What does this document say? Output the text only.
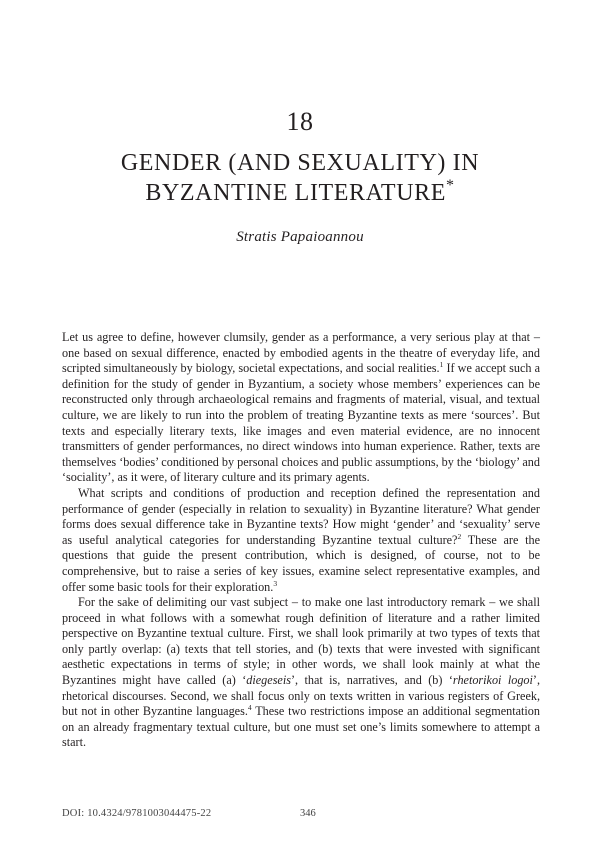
18
GENDER (AND SEXUALITY) IN
BYZANTINE LITERATURE*
Stratis Papaioannou

Let us agree to define, however clumsily, gender as a performance, a very serious play at that – one based on sexual difference, enacted by embodied agents in the theatre of everyday life, and scripted simultaneously by biology, societal expectations, and social realities.$^1$ If we accept such a definition for the study of gender in Byzantium, a society whose members’ experiences can be reconstructed only through archaeological remains and fragments of material, visual, and textual culture, we are likely to run into the problem of treating Byzantine texts as mere ‘sources’. But texts and especially literary texts, like images and even material evidence, are no innocent transmitters of gender performances, no direct windows into human experience. Rather, texts are themselves ‘bodies’ conditioned by personal choices and public assumptions, by the ‘biology’ and ‘sociality’, as it were, of literary culture and its primary agents.

What scripts and conditions of production and reception defined the representation and performance of gender (especially in relation to sexuality) in Byzantine literature? What gender forms does sexual difference take in Byzantine texts? How might ‘gender’ and ‘sexuality’ serve as useful analytical categories for understanding Byzantine textual culture?$^2$ These are the questions that guide the present contribution, which is designed, of course, not to be comprehensive, but to raise a series of key issues, examine select representative examples, and offer some basic tools for their exploration.$^3$

For the sake of delimiting our vast subject – to make one last introductory remark – we shall proceed in what follows with a somewhat rough definition of literature and a rather limited perspective on Byzantine textual culture. First, we shall look primarily at two types of texts that only partly overlap: (a) texts that tell stories, and (b) texts that were invested with significant aesthetic expectations in terms of style; in other words, we shall look mainly at what the Byzantines might have called (a) ‘diegeseis’, that is, narratives, and (b) ‘rhetorikoi logoi’, rhetorical discourses. Second, we shall focus only on texts written in various registers of Greek, but not in other Byzantine languages.$^4$ These two restrictions impose an additional segmentation on an already fragmentary textual culture, but one must set one’s limits somewhere to attempt a start.

DOI: 10.4324/9781003044475-22	346
